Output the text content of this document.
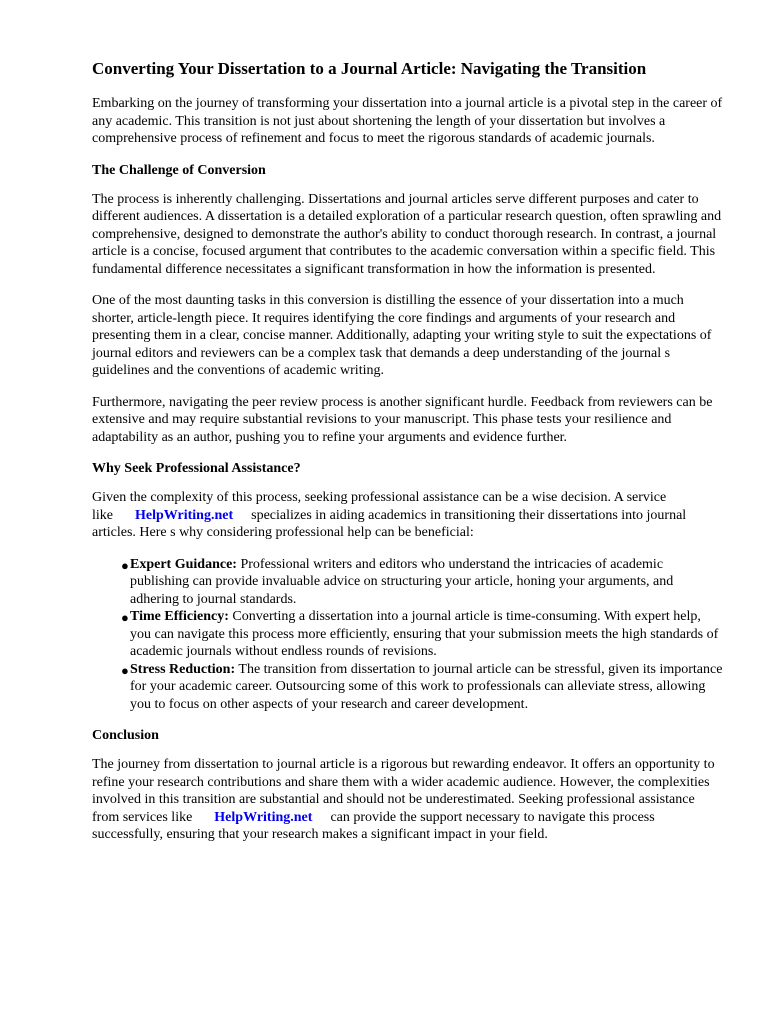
Converting Your Dissertation to a Journal Article: Navigating the Transition

Embarking on the journey of transforming your dissertation into a journal article is a pivotal step in the career of any academic. This transition is not just about shortening the length of your dissertation but involves a comprehensive process of refinement and focus to meet the rigorous standards of academic journals.

The Challenge of Conversion

The process is inherently challenging. Dissertations and journal articles serve different purposes and cater to different audiences. A dissertation is a detailed exploration of a particular research question, often sprawling and comprehensive, designed to demonstrate the author's ability to conduct thorough research. In contrast, a journal article is a concise, focused argument that contributes to the academic conversation within a specific field. This fundamental difference necessitates a significant transformation in how the information is presented.

One of the most daunting tasks in this conversion is distilling the essence of your dissertation into a much shorter, article-length piece. It requires identifying the core findings and arguments of your research and presenting them in a clear, concise manner. Additionally, adapting your writing style to suit the expectations of journal editors and reviewers can be a complex task that demands a deep understanding of the journal s guidelines and the conventions of academic writing.

Furthermore, navigating the peer review process is another significant hurdle. Feedback from reviewers can be extensive and may require substantial revisions to your manuscript. This phase tests your resilience and adaptability as an author, pushing you to refine your arguments and evidence further.

Why Seek Professional Assistance?

Given the complexity of this process, seeking professional assistance can be a wise decision. A service like HelpWriting.net specializes in aiding academics in transitioning their dissertations into journal articles. Here s why considering professional help can be beneficial:

● Expert Guidance: Professional writers and editors who understand the intricacies of academic publishing can provide invaluable advice on structuring your article, honing your arguments, and adhering to journal standards.
● Time Efficiency: Converting a dissertation into a journal article is time-consuming. With expert help, you can navigate this process more efficiently, ensuring that your submission meets the high standards of academic journals without endless rounds of revisions.
● Stress Reduction: The transition from dissertation to journal article can be stressful, given its importance for your academic career. Outsourcing some of this work to professionals can alleviate stress, allowing you to focus on other aspects of your research and career development.
Conclusion

The journey from dissertation to journal article is a rigorous but rewarding endeavor. It offers an opportunity to refine your research contributions and share them with a wider academic audience. However, the complexities involved in this transition are substantial and should not be underestimated. Seeking professional assistance from services like HelpWriting.net can provide the support necessary to navigate this process successfully, ensuring that your research makes a significant impact in your field.
